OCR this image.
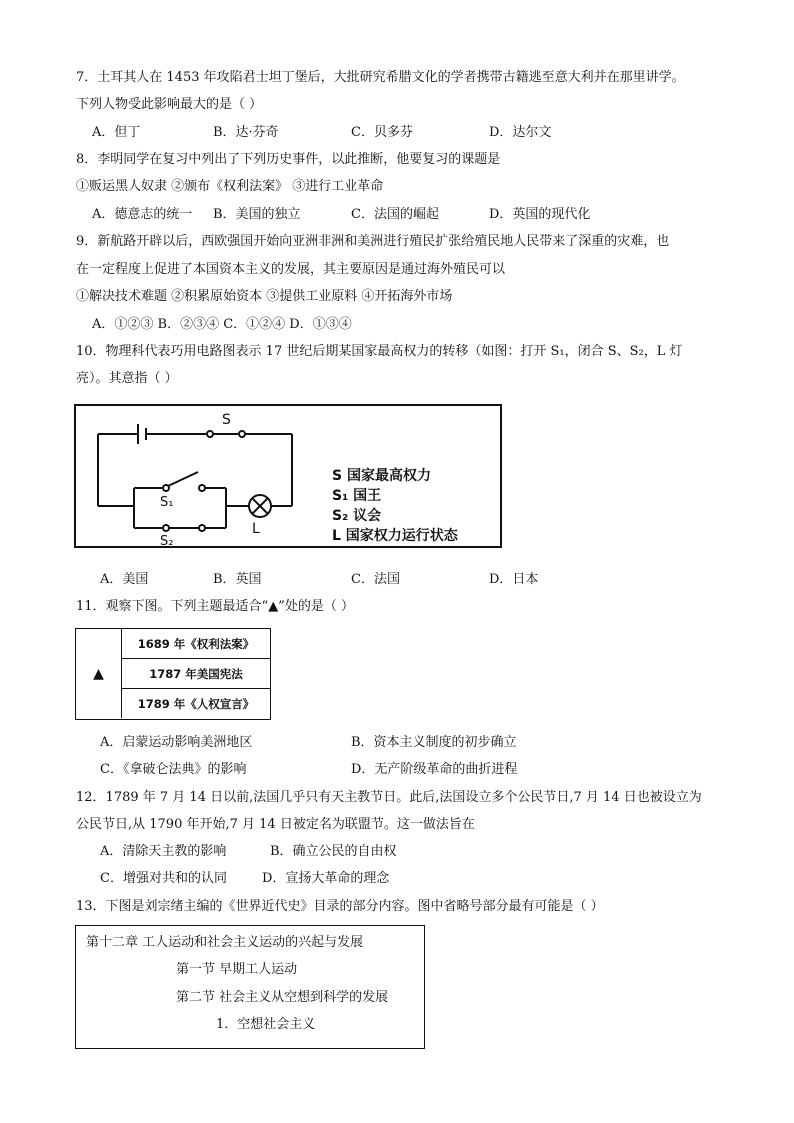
7．土耳其人在 1453 年攻陷君士坦丁堡后，大批研究希腊文化的学者携带古籍逃至意大利并在那里讲学。
下列人物受此影响最大的是（ ）
A．但丁	B．达·芬奇	C．贝多芬	D．达尔文
8．李明同学在复习中列出了下列历史事件，以此推断，他要复习的课题是
①贩运黑人奴隶 ②颁布《权利法案》 ③进行工业革命
A．德意志的统一 B．美国的独立	C．法国的崛起	D．英国的现代化
9．新航路开辟以后，西欧强国开始向亚洲非洲和美洲进行殖民扩张给殖民地人民带来了深重的灾难，也
在一定程度上促进了本国资本主义的发展，其主要原因是通过海外殖民可以
①解决技术难题 ②积累原始资本 ③提供工业原料 ④开拓海外市场
A．①②③ B．②③④ C．①②④ D．①③④
10．物理科代表巧用电路图表示 17 世纪后期某国家最高权力的转移（如图：打开 S₁，闭合 S、S₂，L 灯
亮）。其意指（ ）
S
S₁
S₂
L
S 国家最高权力
S₁ 国王
S₂ 议会
L 国家权力运行状态
A．美国	B．英国	C．法国	D．日本
11．观察下图。下列主题最适合“▲”处的是（ ）
▲
1689 年《权利法案》
1787 年美国宪法
1789 年《人权宣言》
A．启蒙运动影响美洲地区	B．资本主义制度的初步确立
C．《拿破仑法典》的影响	D．无产阶级革命的曲折进程
12．1789 年 7 月 14 日以前,法国几乎只有天主教节日。此后,法国设立多个公民节日,7 月 14 日也被设立为
公民节日,从 1790 年开始,7 月 14 日被定名为联盟节。这一做法旨在
A．清除天主教的影响	B．确立公民的自由权
C．增强对共和的认同	D．宣扬大革命的理念
13．下图是刘宗绪主编的《世界近代史》目录的部分内容。图中省略号部分最有可能是（ ）
第十二章 工人运动和社会主义运动的兴起与发展
第一节 早期工人运动
第二节 社会主义从空想到科学的发展
1．空想社会主义
